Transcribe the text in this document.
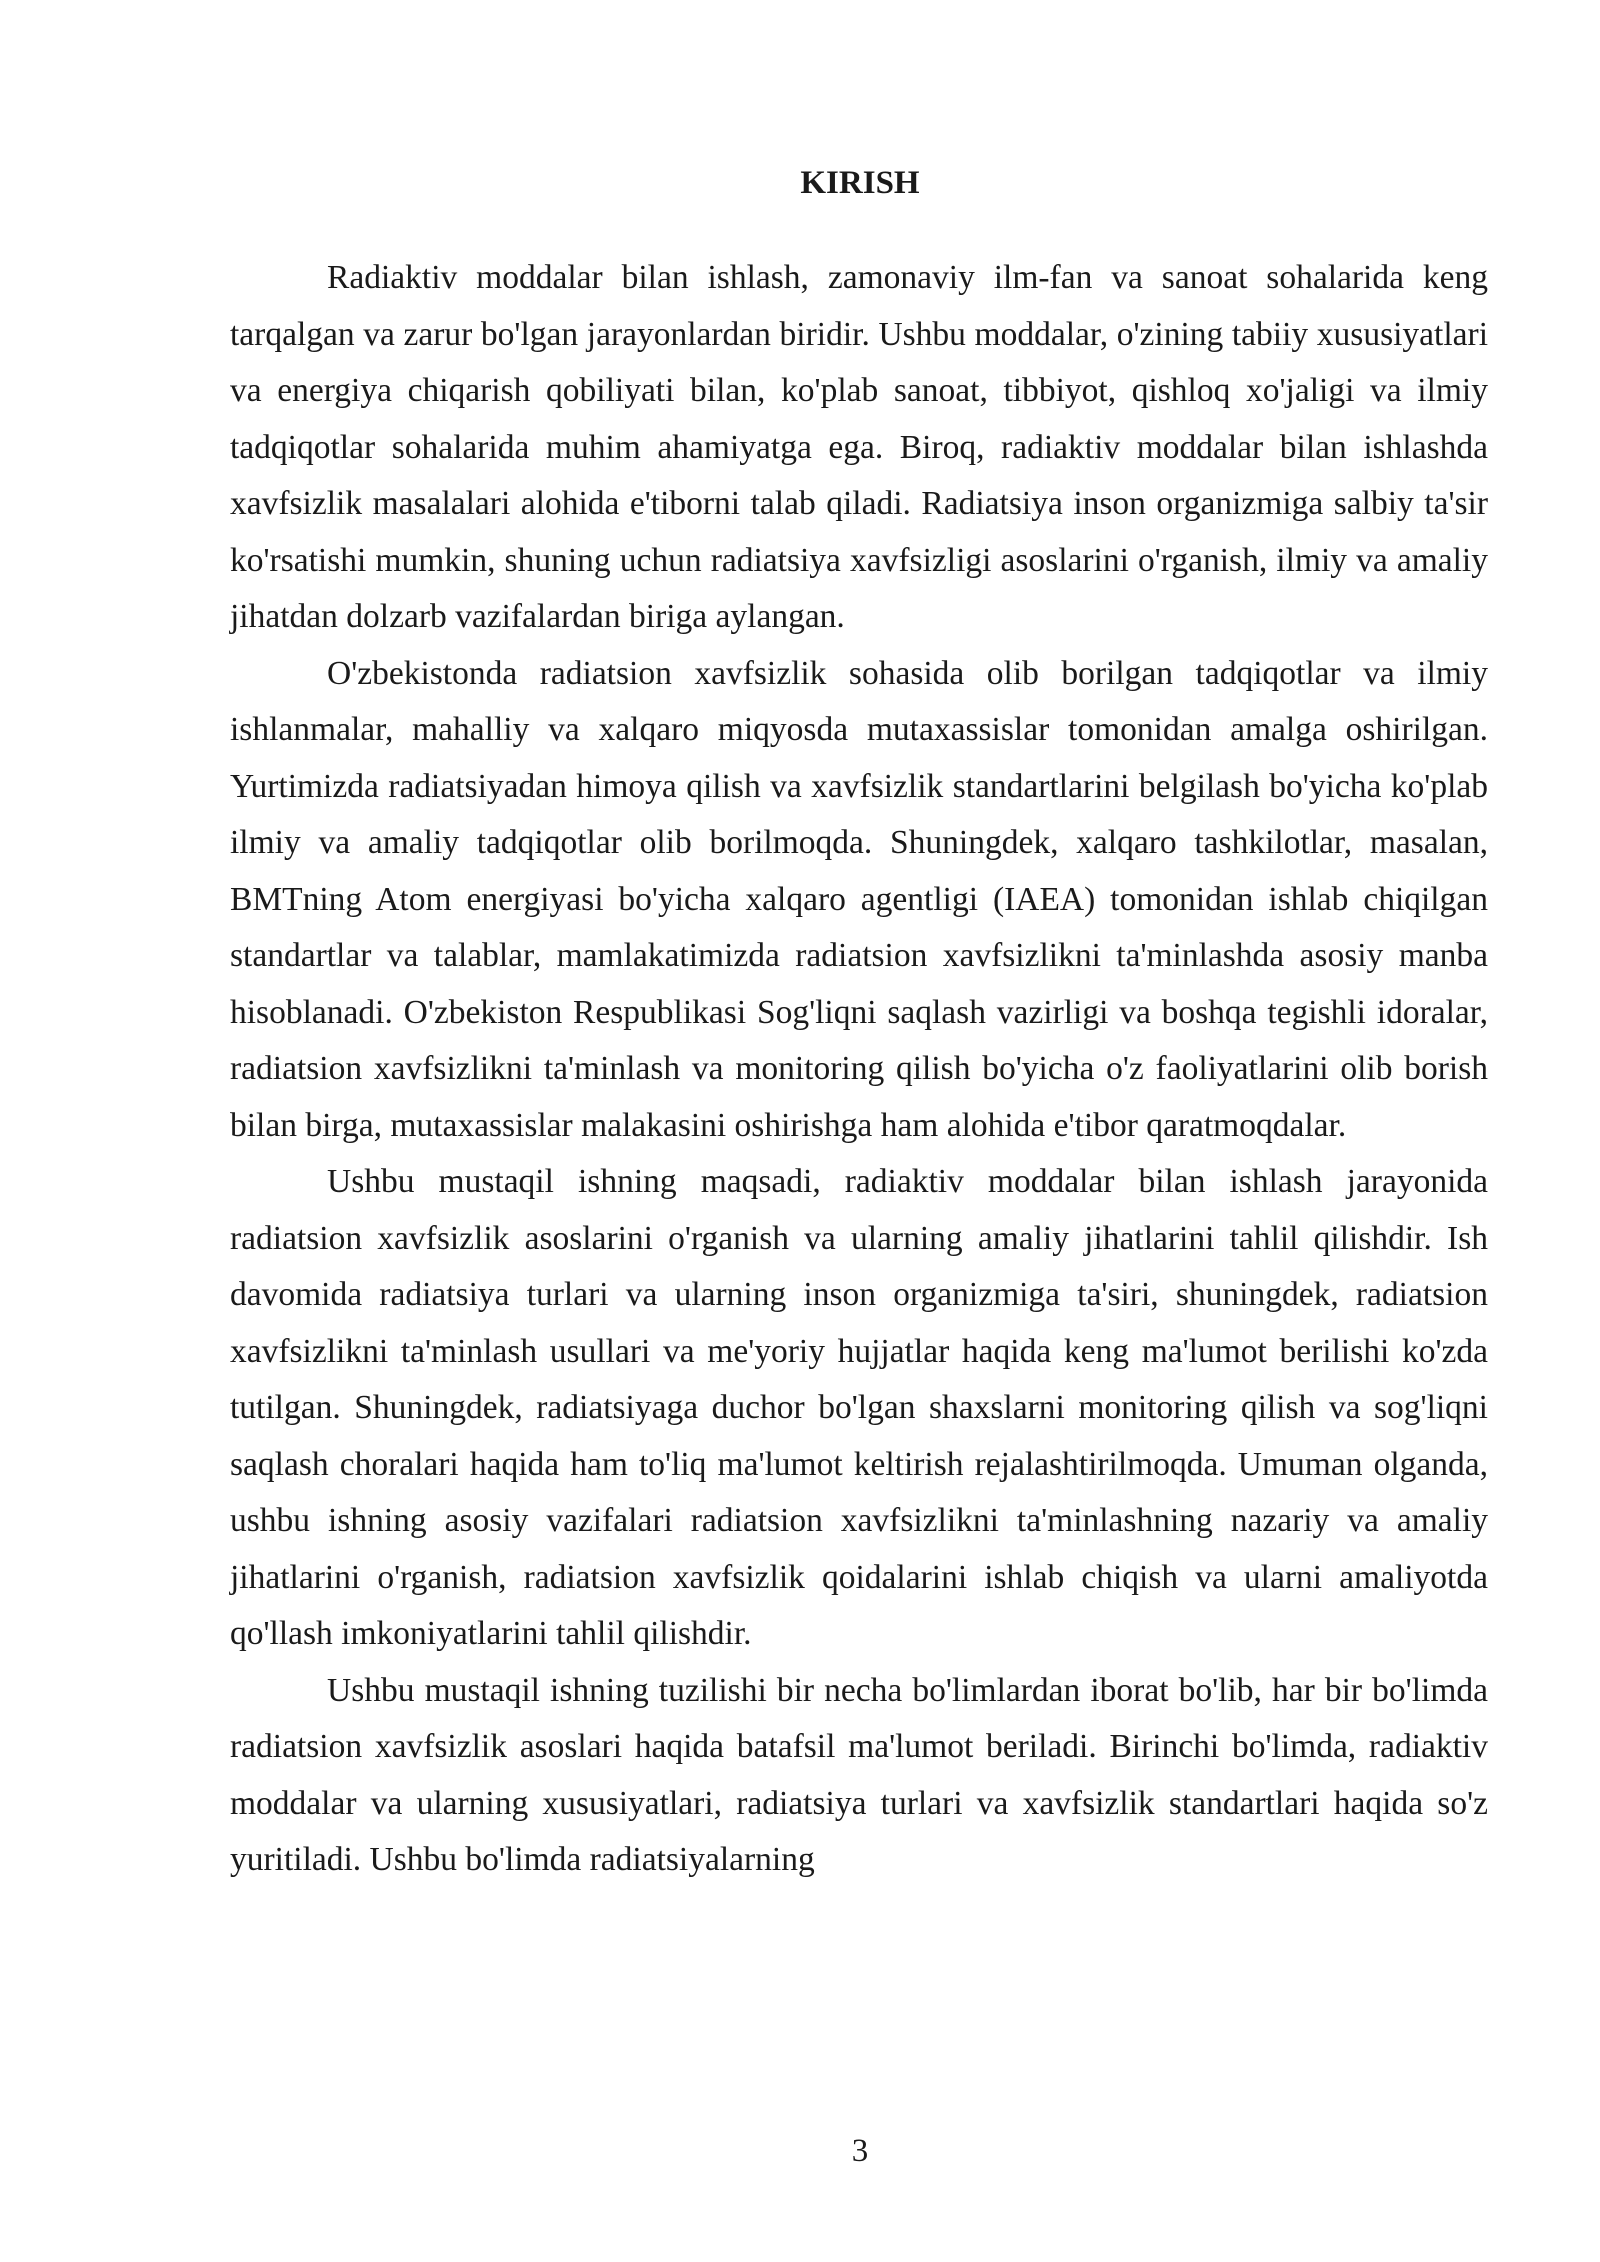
KIRISH

Radiaktiv moddalar bilan ishlash, zamonaviy ilm-fan va sanoat sohalarida keng tarqalgan va zarur bo'lgan jarayonlardan biridir. Ushbu moddalar, o'zining tabiiy xususiyatlari va energiya chiqarish qobiliyati bilan, ko'plab sanoat, tibbiyot, qishloq xo'jaligi va ilmiy tadqiqotlar sohalarida muhim ahamiyatga ega. Biroq, radiaktiv moddalar bilan ishlashda xavfsizlik masalalari alohida e'tiborni talab qiladi. Radiatsiya inson organizmiga salbiy ta'sir ko'rsatishi mumkin, shuning uchun radiatsiya xavfsizligi asoslarini o'rganish, ilmiy va amaliy jihatdan dolzarb vazifalardan biriga aylangan.

O'zbekistonda radiatsion xavfsizlik sohasida olib borilgan tadqiqotlar va ilmiy ishlanmalar, mahalliy va xalqaro miqyosda mutaxassislar tomonidan amalga oshirilgan. Yurtimizda radiatsiyadan himoya qilish va xavfsizlik standartlarini belgilash bo'yicha ko'plab ilmiy va amaliy tadqiqotlar olib borilmoqda. Shuningdek, xalqaro tashkilotlar, masalan, BMTning Atom energiyasi bo'yicha xalqaro agentligi (IAEA) tomonidan ishlab chiqilgan standartlar va talablar, mamlakatimizda radiatsion xavfsizlikni ta'minlashda asosiy manba hisoblanadi. O'zbekiston Respublikasi Sog'liqni saqlash vazirligi va boshqa tegishli idoralar, radiatsion xavfsizlikni ta'minlash va monitoring qilish bo'yicha o'z faoliyatlarini olib borish bilan birga, mutaxassislar malakasini oshirishga ham alohida e'tibor qaratmoqdalar.

Ushbu mustaqil ishning maqsadi, radiaktiv moddalar bilan ishlash jarayonida radiatsion xavfsizlik asoslarini o'rganish va ularning amaliy jihatlarini tahlil qilishdir. Ish davomida radiatsiya turlari va ularning inson organizmiga ta'siri, shuningdek, radiatsion xavfsizlikni ta'minlash usullari va me'yoriy hujjatlar haqida keng ma'lumot berilishi ko'zda tutilgan. Shuningdek, radiatsiyaga duchor bo'lgan shaxslarni monitoring qilish va sog'liqni saqlash choralari haqida ham to'liq ma'lumot keltirish rejalashtirilmoqda. Umuman olganda, ushbu ishning asosiy vazifalari radiatsion xavfsizlikni ta'minlashning nazariy va amaliy jihatlarini o'rganish, radiatsion xavfsizlik qoidalarini ishlab chiqish va ularni amaliyotda qo'llash imkoniyatlarini tahlil qilishdir.

Ushbu mustaqil ishning tuzilishi bir necha bo'limlardan iborat bo'lib, har bir bo'limda radiatsion xavfsizlik asoslari haqida batafsil ma'lumot beriladi. Birinchi bo'limda, radiaktiv moddalar va ularning xususiyatlari, radiatsiya turlari va xavfsizlik standartlari haqida so'z yuritiladi. Ushbu bo'limda radiatsiyalarning

3
